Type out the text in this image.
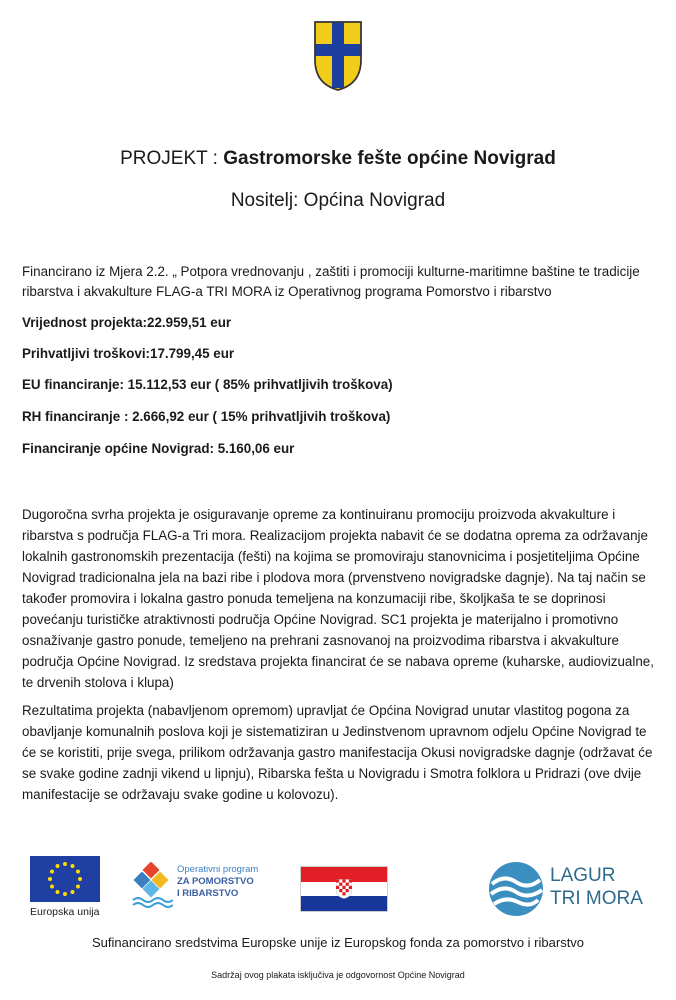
PROJEKT : Gastromorske fešte općine Novigrad
Nositelj: Općina Novigrad
Financirano iz Mjera 2.2. „ Potpora vrednovanju , zaštiti i promociji kulturne-maritimne baštine te tradicije ribarstva i akvakulture FLAG-a TRI MORA iz Operativnog programa Pomorstvo i ribarstvo
Vrijednost projekta:22.959,51 eur
Prihvatljivi troškovi:17.799,45 eur
EU financiranje: 15.112,53 eur ( 85% prihvatljivih troškova)
RH financiranje : 2.666,92 eur ( 15% prihvatljivih troškova)
Financiranje općine Novigrad: 5.160,06 eur
Dugoročna svrha projekta je osiguravanje opreme za kontinuiranu promociju proizvoda akvakulture i ribarstva s područja FLAG-a Tri mora. Realizacijom projekta nabavit će se dodatna oprema za održavanje lokalnih gastronomskih prezentacija (fešti) na kojima se promoviraju stanovnicima i posjetiteljima Općine Novigrad tradicionalna jela na bazi ribe i plodova mora (prvenstveno novigradske dagnje). Na taj način se također promovira i lokalna gastro ponuda temeljena na konzumaciji ribe, školjkaša te se doprinosi povećanju turističke atraktivnosti područja Općine Novigrad. SC1 projekta je materijalno i promotivno osnaživanje gastro ponude, temeljeno na prehrani zasnovanoj na proizvodima ribarstva i akvakulture područja Općine Novigrad. Iz sredstava projekta financirat će se nabava opreme (kuharske, audiovizualne, te drvenih stolova i klupa)
Rezultatima projekta (nabavljenom opremom) upravljat će Općina Novigrad unutar vlastitog pogona za obavljanje komunalnih poslova koji je sistematiziran u Jedinstvenom upravnom odjelu Općine Novigrad te će se koristiti, prije svega, prilikom održavanja gastro manifestacija Okusi novigradske dagnje (održavat će se svake godine zadnji vikend u lipnju), Ribarska fešta u Novigradu i Smotra folklora u Pridrazi (ove dvije manifestacije se održavaju svake godine u kolovozu).
Europska unija
Operativni program
ZA POMORSTVO
I RIBARSTVO
LAGUR
TRI MORA
Sufinancirano sredstvima Europske unije iz Europskog fonda za pomorstvo i ribarstvo
Sadržaj ovog plakata isključiva je odgovornost Općine Novigrad
